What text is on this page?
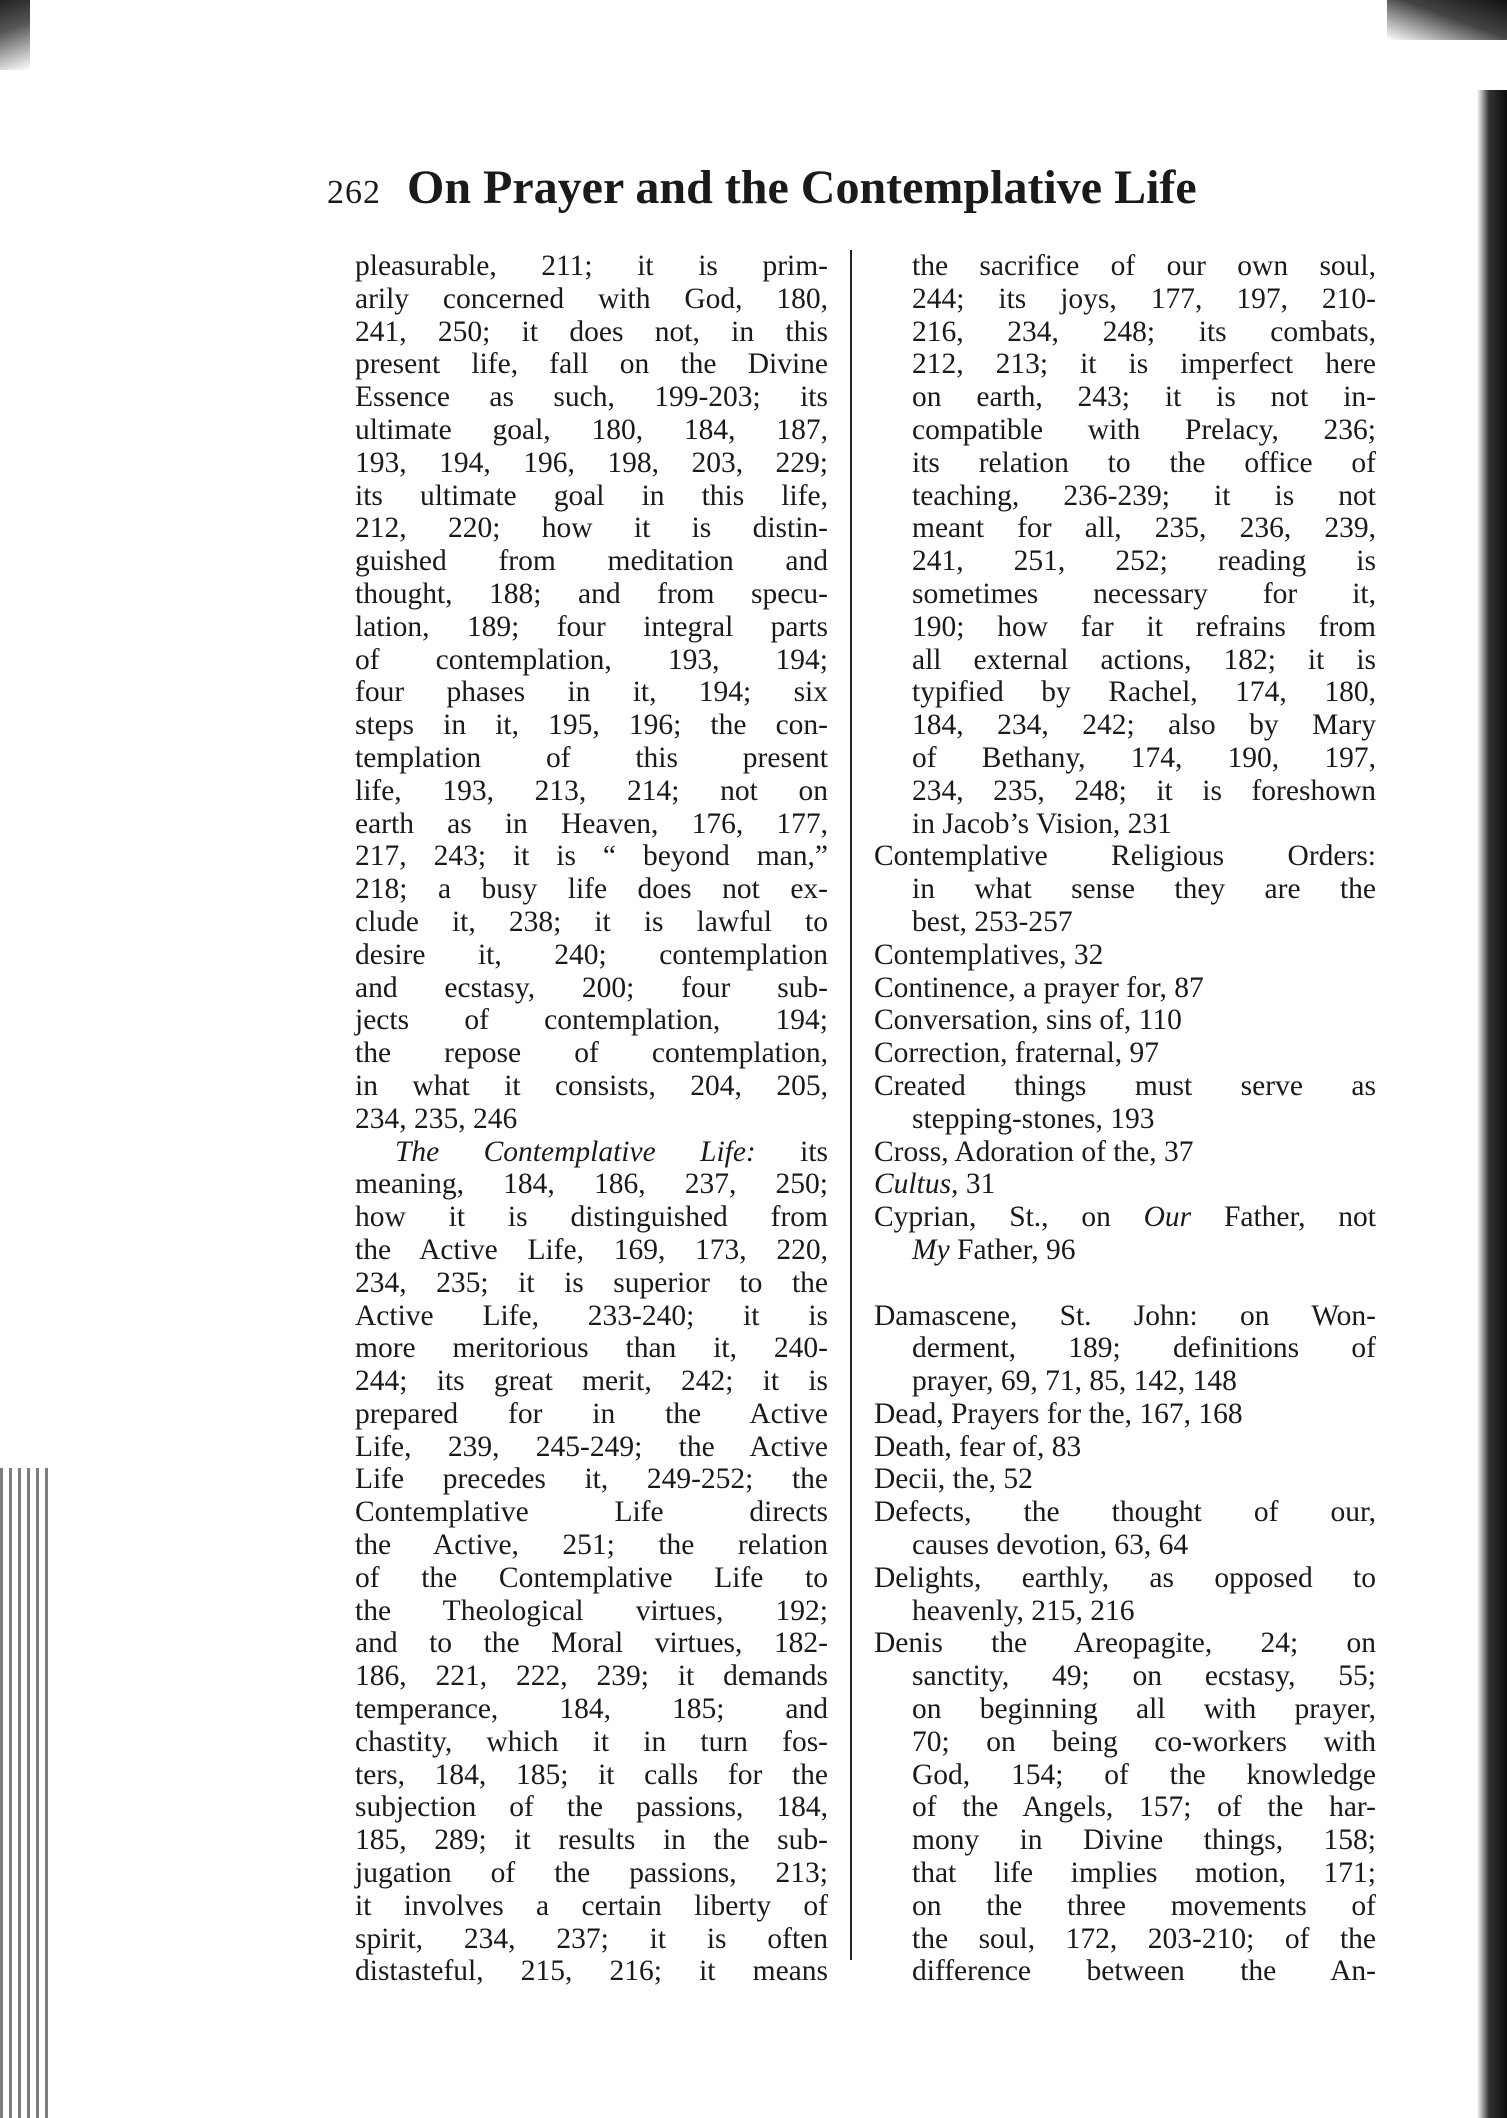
262 On Prayer and the Contemplative Life
pleasurable, 211; it is prim-
arily concerned with God, 180,
241, 250; it does not, in this
present life, fall on the Divine
Essence as such, 199-203; its
ultimate goal, 180, 184, 187,
193, 194, 196, 198, 203, 229;
its ultimate goal in this life,
212, 220; how it is distin-
guished from meditation and
thought, 188; and from specu-
lation, 189; four integral parts
of contemplation, 193, 194;
four phases in it, 194; six
steps in it, 195, 196; the con-
templation of this present
life, 193, 213, 214; not on
earth as in Heaven, 176, 177,
217, 243; it is “ beyond man,”
218; a busy life does not ex-
clude it, 238; it is lawful to
desire it, 240; contemplation
and ecstasy, 200; four sub-
jects of contemplation, 194;
the repose of contemplation,
in what it consists, 204, 205,
234, 235, 246
The Contemplative Life: its
meaning, 184, 186, 237, 250;
how it is distinguished from
the Active Life, 169, 173, 220,
234, 235; it is superior to the
Active Life, 233-240; it is
more meritorious than it, 240-
244; its great merit, 242; it is
prepared for in the Active
Life, 239, 245-249; the Active
Life precedes it, 249-252; the
Contemplative Life directs
the Active, 251; the relation
of the Contemplative Life to
the Theological virtues, 192;
and to the Moral virtues, 182-
186, 221, 222, 239; it demands
temperance, 184, 185; and
chastity, which it in turn fos-
ters, 184, 185; it calls for the
subjection of the passions, 184,
185, 289; it results in the sub-
jugation of the passions, 213;
it involves a certain liberty of
spirit, 234, 237; it is often
distasteful, 215, 216; it means
the sacrifice of our own soul,
244; its joys, 177, 197, 210-
216, 234, 248; its combats,
212, 213; it is imperfect here
on earth, 243; it is not in-
compatible with Prelacy, 236;
its relation to the office of
teaching, 236-239; it is not
meant for all, 235, 236, 239,
241, 251, 252; reading is
sometimes necessary for it,
190; how far it refrains from
all external actions, 182; it is
typified by Rachel, 174, 180,
184, 234, 242; also by Mary
of Bethany, 174, 190, 197,
234, 235, 248; it is foreshown
in Jacob’s Vision, 231
Contemplative Religious Orders:
in what sense they are the
best, 253-257
Contemplatives, 32
Continence, a prayer for, 87
Conversation, sins of, 110
Correction, fraternal, 97
Created things must serve as
stepping-stones, 193
Cross, Adoration of the, 37
Cultus, 31
Cyprian, St., on Our Father, not
My Father, 96
Damascene, St. John: on Won-
derment, 189; definitions of
prayer, 69, 71, 85, 142, 148
Dead, Prayers for the, 167, 168
Death, fear of, 83
Decii, the, 52
Defects, the thought of our,
causes devotion, 63, 64
Delights, earthly, as opposed to
heavenly, 215, 216
Denis the Areopagite, 24; on
sanctity, 49; on ecstasy, 55;
on beginning all with prayer,
70; on being co-workers with
God, 154; of the knowledge
of the Angels, 157; of the har-
mony in Divine things, 158;
that life implies motion, 171;
on the three movements of
the soul, 172, 203-210; of the
difference between the An-
